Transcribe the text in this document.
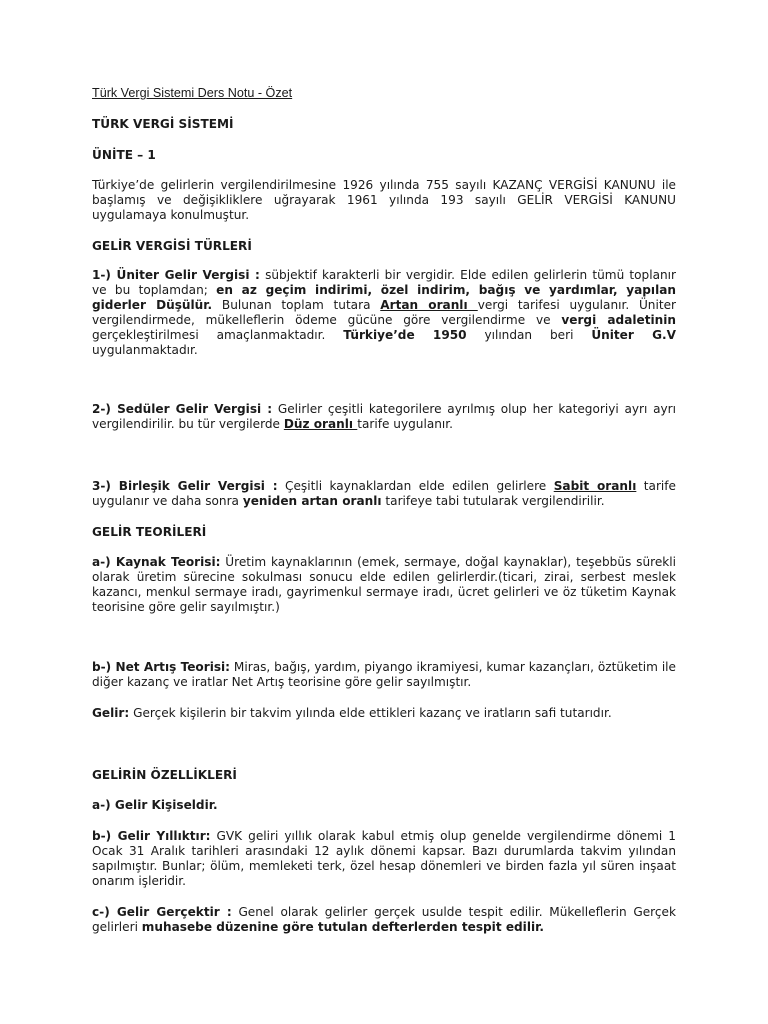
Türk Vergi Sistemi Ders Notu - Özet

TÜRK VERGİ SİSTEMİ

ÜNİTE – 1

Türkiye’de gelirlerin vergilendirilmesine 1926 yılında 755 sayılı KAZANÇ VERGİSİ KANUNU ile başlamış ve değişikliklere uğrayarak 1961 yılında 193 sayılı GELİR VERGİSİ KANUNU uygulamaya konulmuştur.

GELİR VERGİSİ TÜRLERİ

1-) Üniter Gelir Vergisi : sübjektif karakterli bir vergidir. Elde edilen gelirlerin tümü toplanır ve bu toplamdan; en az geçim indirimi, özel indirim, bağış ve yardımlar, yapılan giderler Düşülür. Bulunan toplam tutara Artan oranlı vergi tarifesi uygulanır. Üniter vergilendirmede, mükelleflerin ödeme gücüne göre vergilendirme ve vergi adaletinin gerçekleştirilmesi amaçlanmaktadır. Türkiye’de 1950 yılından beri Üniter G.V uygulanmaktadır.

2-) Sedüler Gelir Vergisi : Gelirler çeşitli kategorilere ayrılmış olup her kategoriyi ayrı ayrı vergilendirilir. bu tür vergilerde Düz oranlı tarife uygulanır.

3-) Birleşik Gelir Vergisi : Çeşitli kaynaklardan elde edilen gelirlere Sabit oranlı tarife uygulanır ve daha sonra yeniden artan oranlı tarifeye tabi tutularak vergilendirilir.

GELİR TEORİLERİ

a-) Kaynak Teorisi: Üretim kaynaklarının (emek, sermaye, doğal kaynaklar), teşebbüs sürekli olarak üretim sürecine sokulması sonucu elde edilen gelirlerdir.(ticari, zirai, serbest meslek kazancı, menkul sermaye iradı, gayrimenkul sermaye iradı, ücret gelirleri ve öz tüketim Kaynak teorisine göre gelir sayılmıştır.)

b-) Net Artış Teorisi: Miras, bağış, yardım, piyango ikramiyesi, kumar kazançları, öztüketim ile diğer kazanç ve iratlar Net Artış teorisine göre gelir sayılmıştır.

Gelir: Gerçek kişilerin bir takvim yılında elde ettikleri kazanç ve iratların safi tutarıdır.

GELİRİN ÖZELLİKLERİ

a-) Gelir Kişiseldir.

b-) Gelir Yıllıktır: GVK geliri yıllık olarak kabul etmiş olup genelde vergilendirme dönemi 1 Ocak 31 Aralık tarihleri arasındaki 12 aylık dönemi kapsar. Bazı durumlarda takvim yılından sapılmıştır. Bunlar; ölüm, memleketi terk, özel hesap dönemleri ve birden fazla yıl süren inşaat onarım işleridir.

c-) Gelir Gerçektir : Genel olarak gelirler gerçek usulde tespit edilir. Mükelleflerin Gerçek gelirleri muhasebe düzenine göre tutulan defterlerden tespit edilir.
